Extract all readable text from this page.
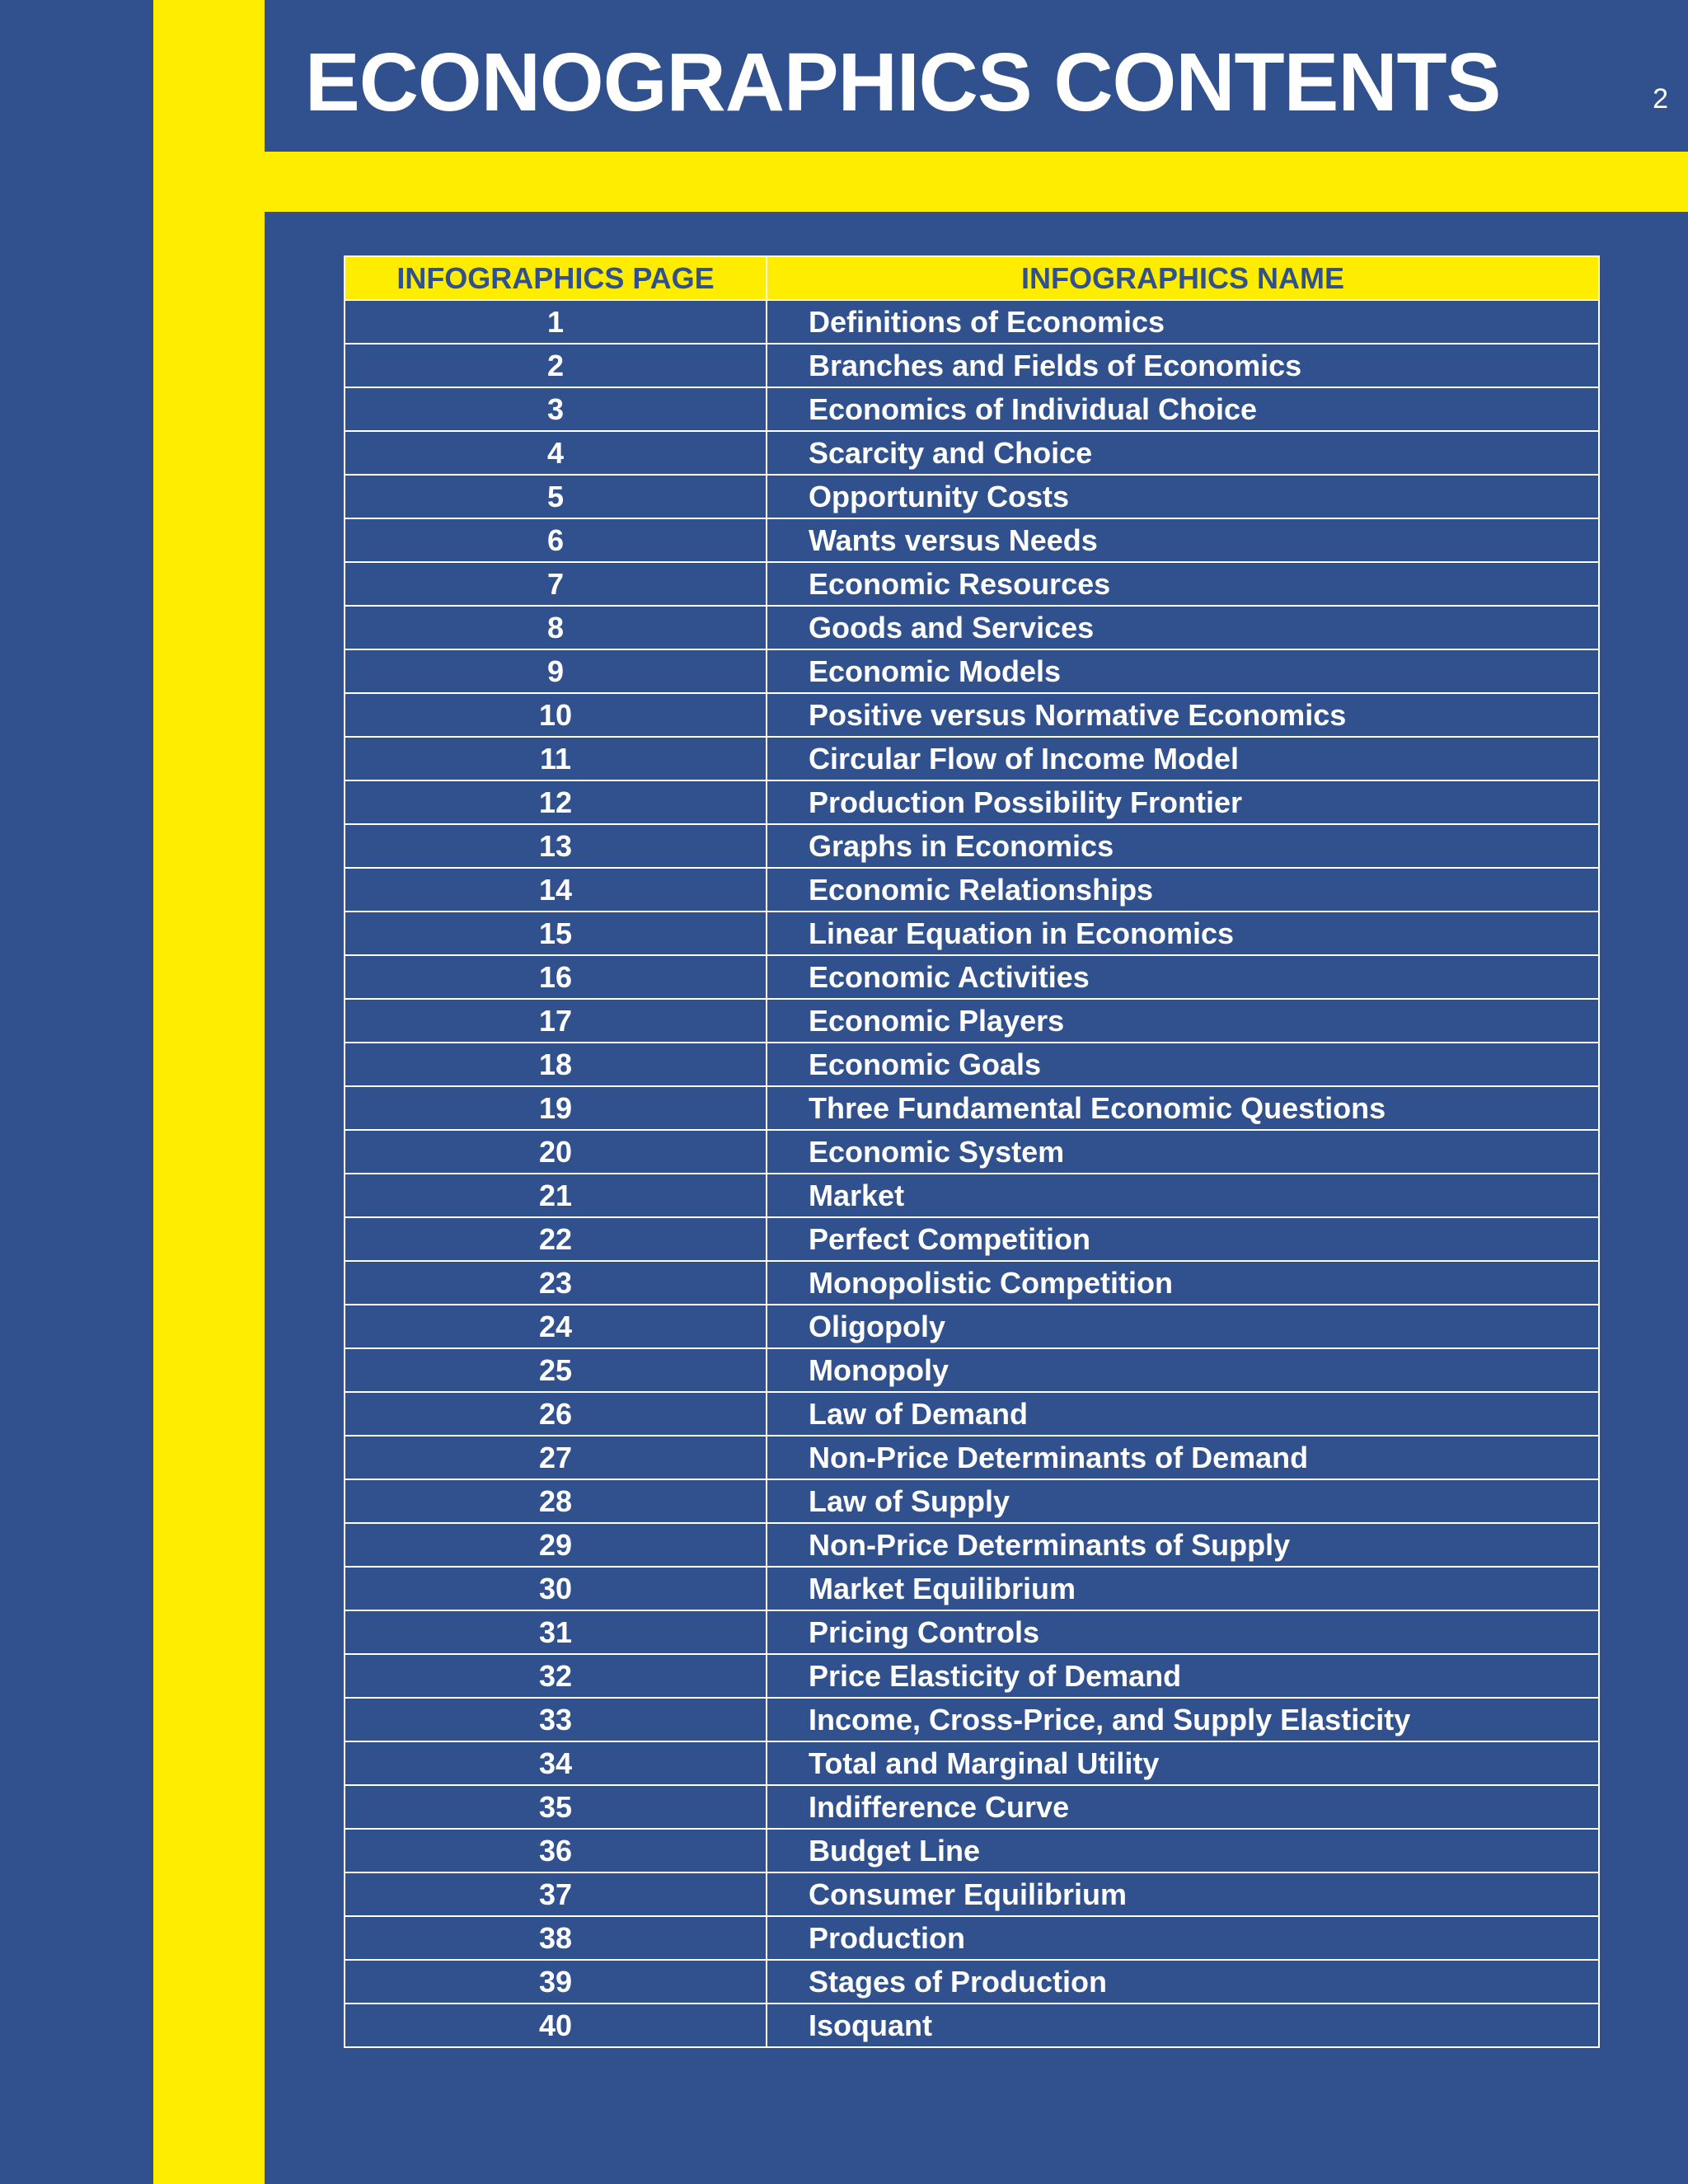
ECONOGRAPHICS CONTENTS	2
INFOGRAPHICS PAGE	INFOGRAPHICS NAME
1	Definitions of Economics
2	Branches and Fields of Economics
3	Economics of Individual Choice
4	Scarcity and Choice
5	Opportunity Costs
6	Wants versus Needs
7	Economic Resources
8	Goods and Services
9	Economic Models
10	Positive versus Normative Economics
11	Circular Flow of Income Model
12	Production Possibility Frontier
13	Graphs in Economics
14	Economic Relationships
15	Linear Equation in Economics
16	Economic Activities
17	Economic Players
18	Economic Goals
19	Three Fundamental Economic Questions
20	Economic System
21	Market
22	Perfect Competition
23	Monopolistic Competition
24	Oligopoly
25	Monopoly
26	Law of Demand
27	Non-Price Determinants of Demand
28	Law of Supply
29	Non-Price Determinants of Supply
30	Market Equilibrium
31	Pricing Controls
32	Price Elasticity of Demand
33	Income, Cross-Price, and Supply Elasticity
34	Total and Marginal Utility
35	Indifference Curve
36	Budget Line
37	Consumer Equilibrium
38	Production
39	Stages of Production
40	Isoquant
